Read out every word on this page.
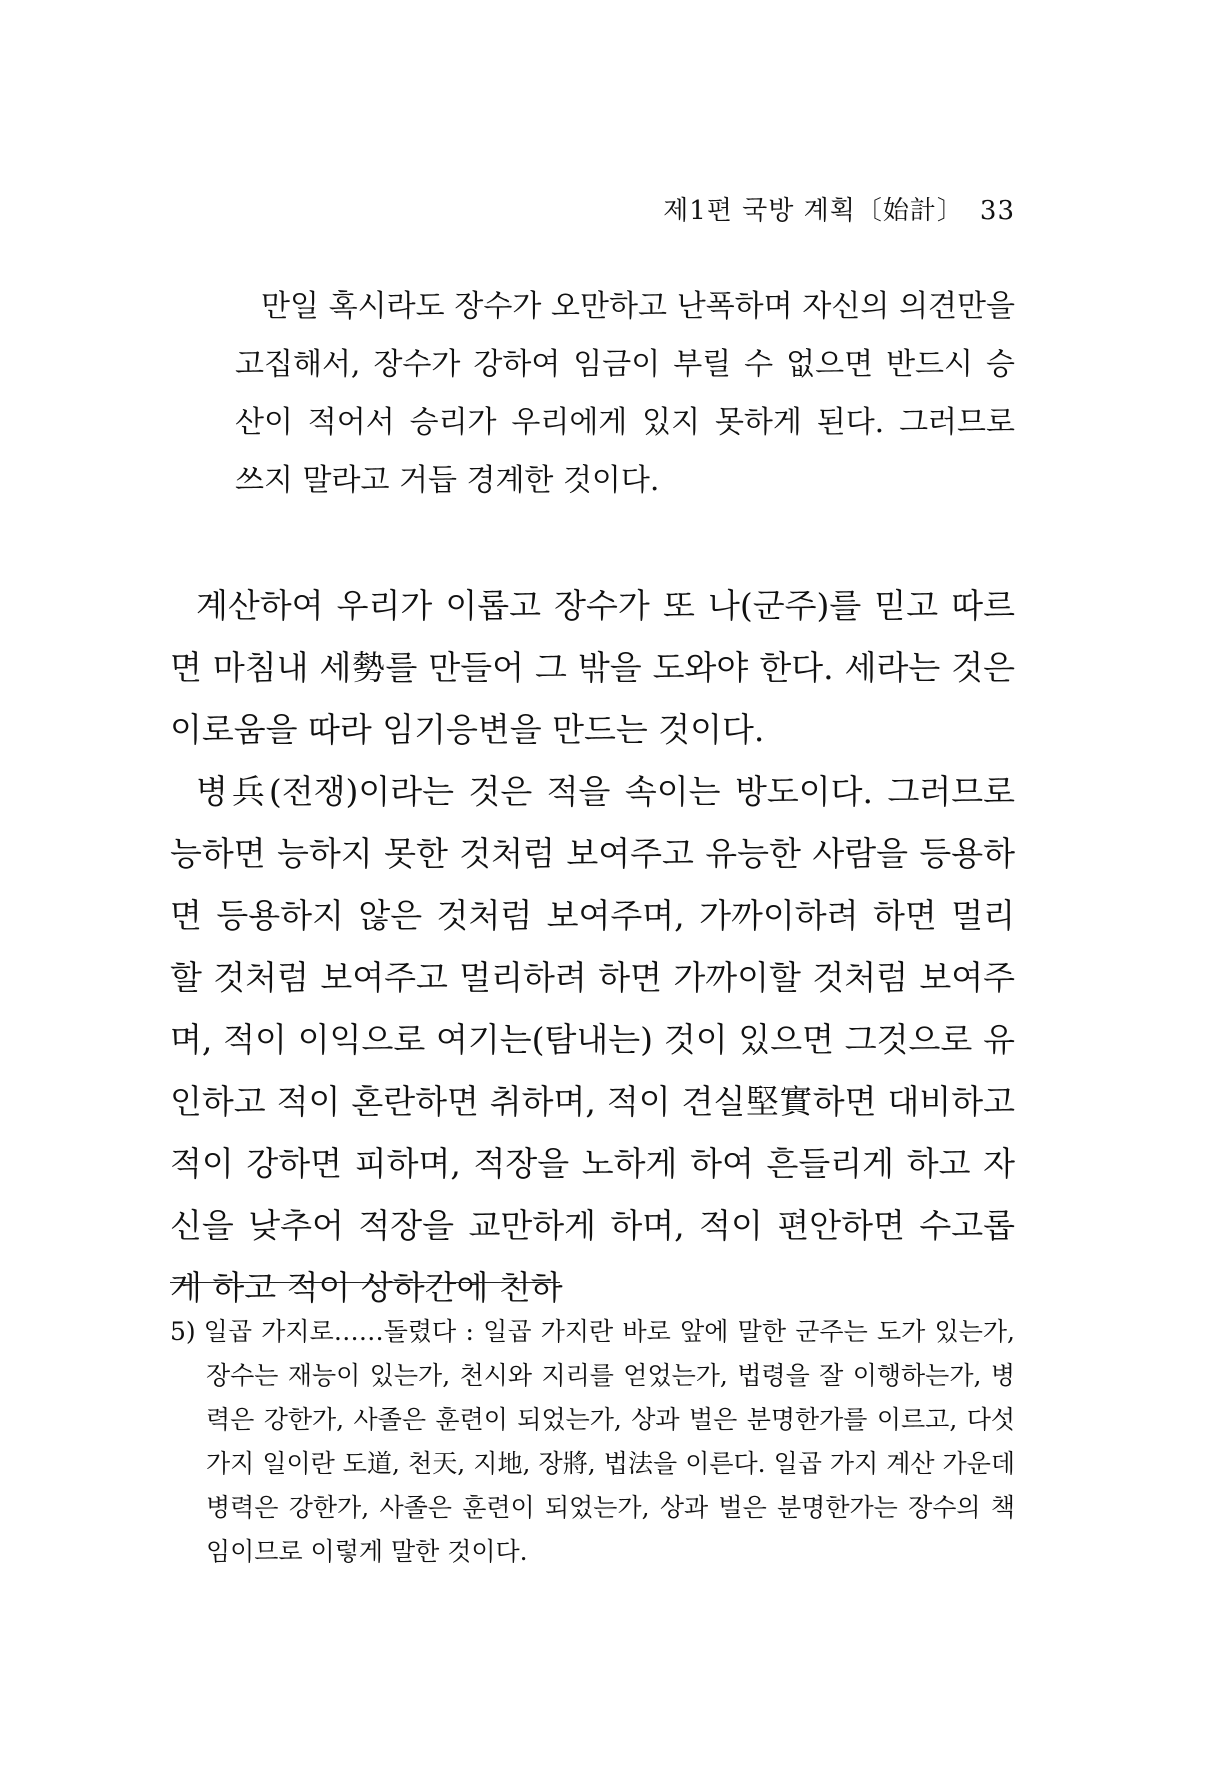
제1편 국방 계획〔始計〕 33

만일 혹시라도 장수가 오만하고 난폭하며 자신의 의견만을 고집해서, 장수가 강하여 임금이 부릴 수 없으면 반드시 승산이 적어서 승리가 우리에게 있지 못하게 된다. 그러므로 쓰지 말라고 거듭 경계한 것이다.

계산하여 우리가 이롭고 장수가 또 나(군주)를 믿고 따르면 마침내 세勢를 만들어 그 밖을 도와야 한다. 세라는 것은 이로움을 따라 임기응변을 만드는 것이다.

병兵(전쟁)이라는 것은 적을 속이는 방도이다. 그러므로 능하면 능하지 못한 것처럼 보여주고 유능한 사람을 등용하면 등용하지 않은 것처럼 보여주며, 가까이하려 하면 멀리할 것처럼 보여주고 멀리하려 하면 가까이할 것처럼 보여주며, 적이 이익으로 여기는(탐내는) 것이 있으면 그것으로 유인하고 적이 혼란하면 취하며, 적이 견실堅實하면 대비하고 적이 강하면 피하며, 적장을 노하게 하여 흔들리게 하고 자신을 낮추어 적장을 교만하게 하며, 적이 편안하면 수고롭게 하고 적이 상하간에 친하

5) 일곱 가지로……돌렸다 : 일곱 가지란 바로 앞에 말한 군주는 도가 있는가, 장수는 재능이 있는가, 천시와 지리를 얻었는가, 법령을 잘 이행하는가, 병력은 강한가, 사졸은 훈련이 되었는가, 상과 벌은 분명한가를 이르고, 다섯 가지 일이란 도道, 천天, 지地, 장將, 법法을 이른다. 일곱 가지 계산 가운데 병력은 강한가, 사졸은 훈련이 되었는가, 상과 벌은 분명한가는 장수의 책임이므로 이렇게 말한 것이다.
